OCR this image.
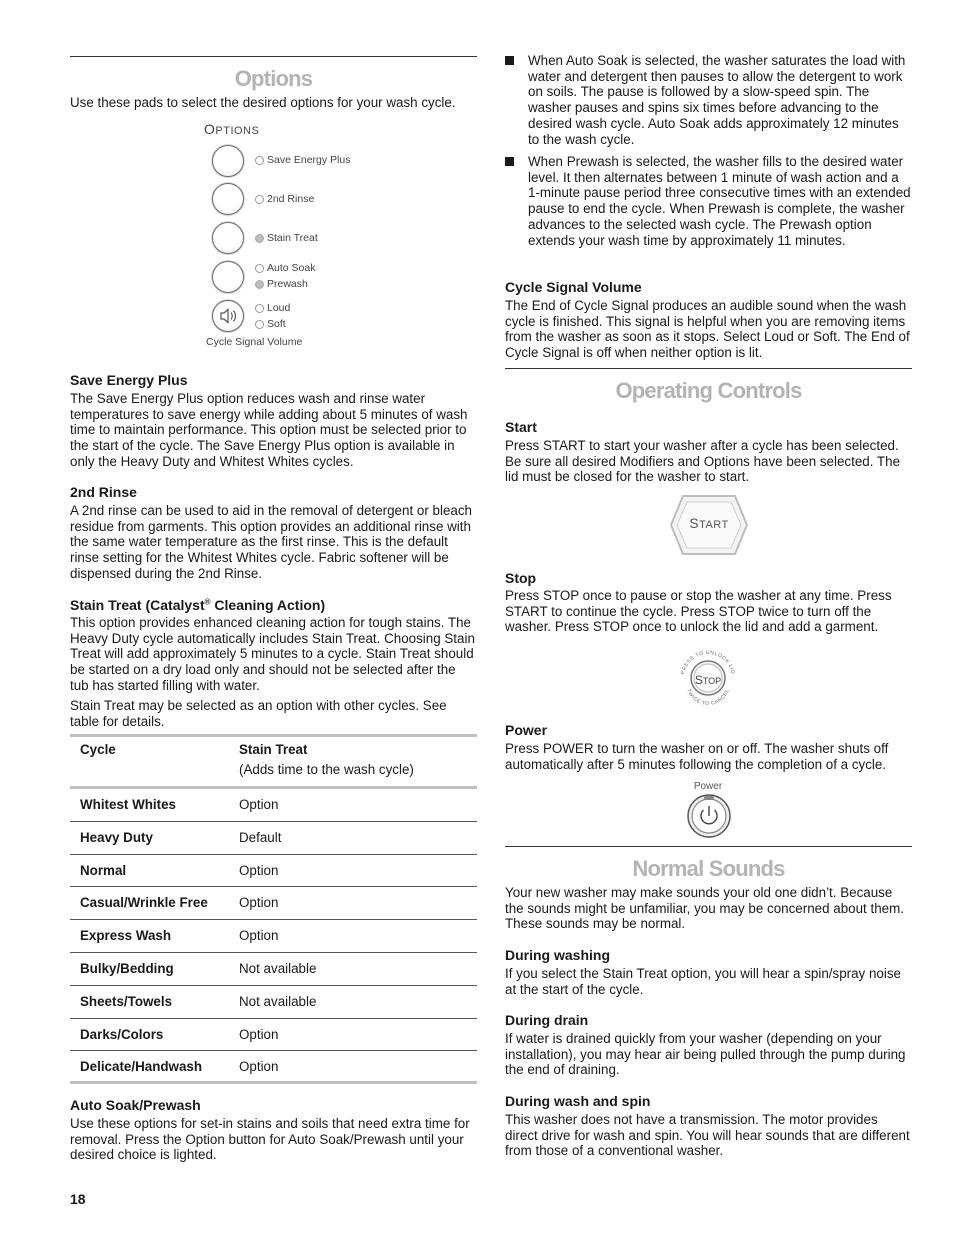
Options

Use these pads to select the desired options for your wash cycle.

OPTIONS
Save Energy Plus
2nd Rinse
Stain Treat
Auto Soak
Prewash
Loud
Soft
Cycle Signal Volume
Save Energy Plus

The Save Energy Plus option reduces wash and rinse water temperatures to save energy while adding about 5 minutes of wash time to maintain performance. This option must be selected prior to the start of the cycle. The Save Energy Plus option is available in only the Heavy Duty and Whitest Whites cycles.

2nd Rinse

A 2nd rinse can be used to aid in the removal of detergent or bleach residue from garments. This option provides an additional rinse with the same water temperature as the first rinse. This is the default rinse setting for the Whitest Whites cycle. Fabric softener will be dispensed during the 2nd Rinse.

Stain Treat (Catalyst® Cleaning Action)

This option provides enhanced cleaning action for tough stains. The Heavy Duty cycle automatically includes Stain Treat. Choosing Stain Treat will add approximately 5 minutes to a cycle. Stain Treat should be started on a dry load only and should not be selected after the tub has started filling with water.

Stain Treat may be selected as an option with other cycles. See table for details.

Cycle	Stain Treat
(Adds time to the wash cycle)
Whitest Whites	Option
Heavy Duty	Default
Normal	Option
Casual/Wrinkle Free Option
Express Wash	Option
Bulky/Bedding	Not available
Sheets/Towels	Not available
Darks/Colors	Option
Delicate/Handwash	Option
Auto Soak/Prewash

Use these options for set-in stains and soils that need extra time for removal. Press the Option button for Auto Soak/Prewash until your desired choice is lighted.

When Auto Soak is selected, the washer saturates the load with water and detergent then pauses to allow the detergent to work on soils. The pause is followed by a slow-speed spin. The washer pauses and spins six times before advancing to the desired wash cycle. Auto Soak adds approximately 12 minutes to the wash cycle.
When Prewash is selected, the washer fills to the desired water level. It then alternates between 1 minute of wash action and a 1-minute pause period three consecutive times with an extended pause to end the cycle. When Prewash is complete, the washer advances to the selected wash cycle. The Prewash option extends your wash time by approximately 11 minutes.
Cycle Signal Volume

The End of Cycle Signal produces an audible sound when the wash cycle is finished. This signal is helpful when you are removing items from the washer as soon as it stops. Select Loud or Soft. The End of Cycle Signal is off when neither option is lit.

Operating Controls
Start

Press START to start your washer after a cycle has been selected. Be sure all desired Modifiers and Options have been selected. The lid must be closed for the washer to start.

START
Stop

Press STOP once to pause or stop the washer at any time. Press START to continue the cycle. Press STOP twice to turn off the washer. Press STOP once to unlock the lid and add a garment.

PRESS TO UNLOCK LID
TWICE TO CANCEL
STOP
Power

Press POWER to turn the washer on or off. The washer shuts off automatically after 5 minutes following the completion of a cycle.

Power
Normal Sounds

Your new washer may make sounds your old one didn’t. Because the sounds might be unfamiliar, you may be concerned about them. These sounds may be normal.

During washing

If you select the Stain Treat option, you will hear a spin/spray noise at the start of the cycle.

During drain

If water is drained quickly from your washer (depending on your installation), you may hear air being pulled through the pump during the end of draining.

During wash and spin

This washer does not have a transmission. The motor provides direct drive for wash and spin. You will hear sounds that are different from those of a conventional washer.

18
